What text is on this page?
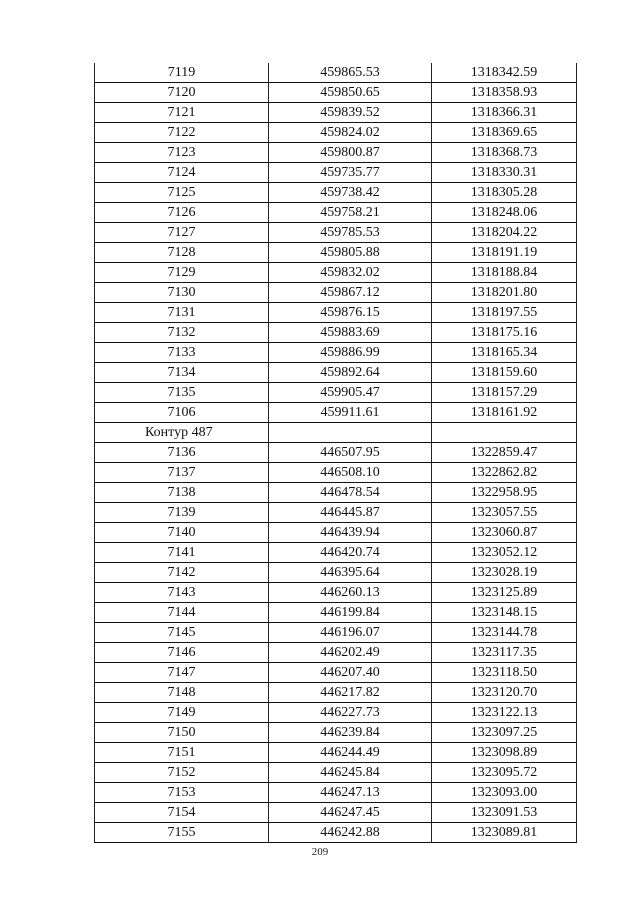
7119	459865.53	1318342.59
7120	459850.65	1318358.93
7121	459839.52	1318366.31
7122	459824.02	1318369.65
7123	459800.87	1318368.73
7124	459735.77	1318330.31
7125	459738.42	1318305.28
7126	459758.21	1318248.06
7127	459785.53	1318204.22
7128	459805.88	1318191.19
7129	459832.02	1318188.84
7130	459867.12	1318201.80
7131	459876.15	1318197.55
7132	459883.69	1318175.16
7133	459886.99	1318165.34
7134	459892.64	1318159.60
7135	459905.47	1318157.29
7106	459911.61	1318161.92
Контур 487		
7136	446507.95	1322859.47
7137	446508.10	1322862.82
7138	446478.54	1322958.95
7139	446445.87	1323057.55
7140	446439.94	1323060.87
7141	446420.74	1323052.12
7142	446395.64	1323028.19
7143	446260.13	1323125.89
7144	446199.84	1323148.15
7145	446196.07	1323144.78
7146	446202.49	1323117.35
7147	446207.40	1323118.50
7148	446217.82	1323120.70
7149	446227.73	1323122.13
7150	446239.84	1323097.25
7151	446244.49	1323098.89
7152	446245.84	1323095.72
7153	446247.13	1323093.00
7154	446247.45	1323091.53
7155	446242.88	1323089.81
209
